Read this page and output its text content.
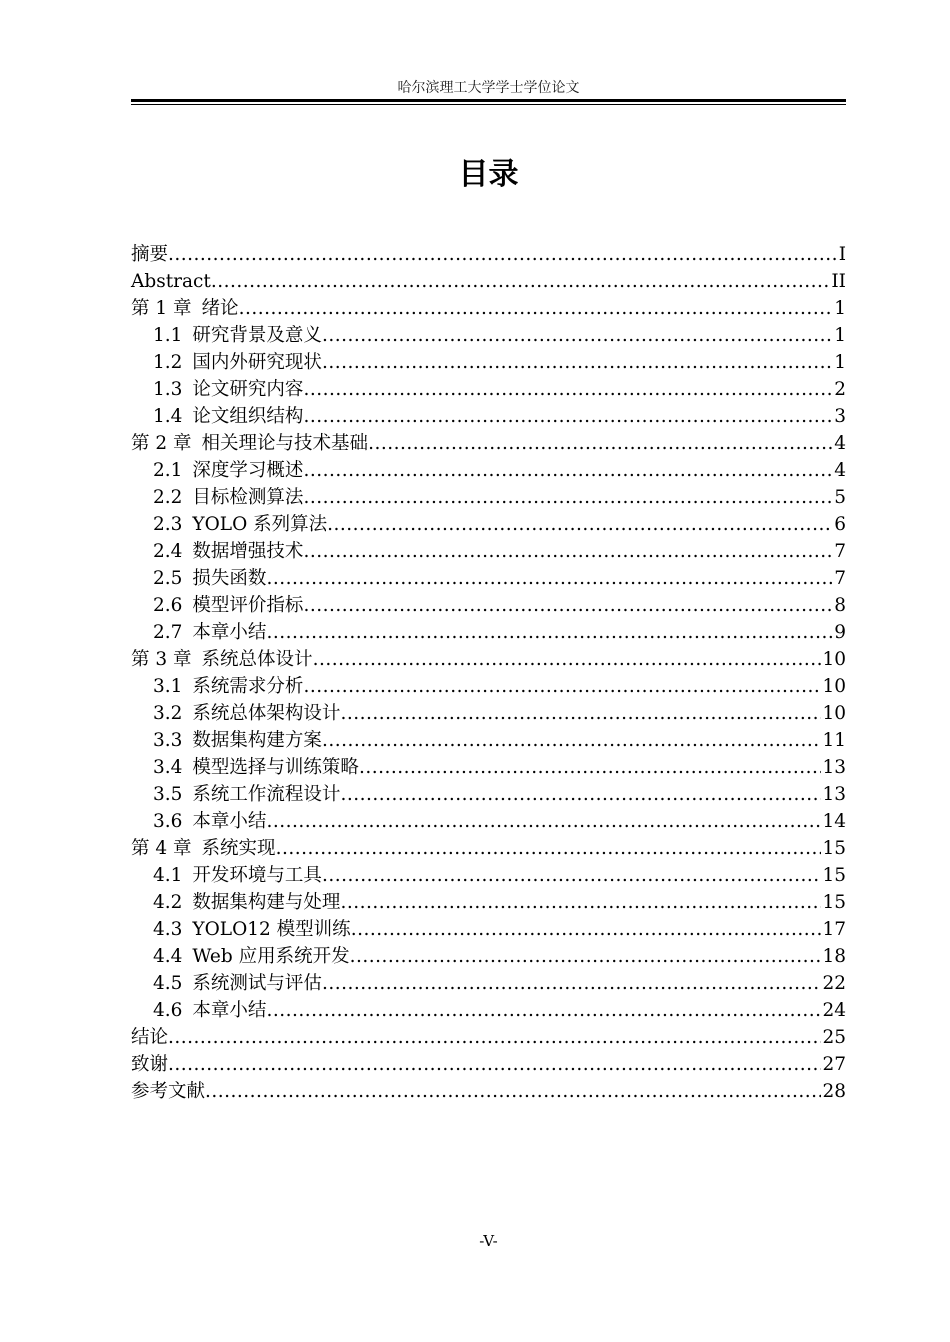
哈尔滨理工大学学士学位论文
目录
摘要 .....	I
Abstract .....	II
第 1 章 绪论 .....	1
1.1 研究背景及意义 .....	1
1.2 国内外研究现状 .....	1
1.3 论文研究内容 .....	2
1.4 论文组织结构 .....	3
第 2 章 相关理论与技术基础 .....	4
2.1 深度学习概述 .....	4
2.2 目标检测算法 .....	5
2.3 YOLO 系列算法 .....	6
2.4 数据增强技术 .....	7
2.5 损失函数 .....	7
2.6 模型评价指标 .....	8
2.7 本章小结 .....	9
第 3 章 系统总体设计 .....	10
3.1 系统需求分析 .....	10
3.2 系统总体架构设计 .....	10
3.3 数据集构建方案 .....	11
3.4 模型选择与训练策略 .....	13
3.5 系统工作流程设计 .....	13
3.6 本章小结 .....	14
第 4 章 系统实现 .....	15
4.1 开发环境与工具 .....	15
4.2 数据集构建与处理 .....	15
4.3 YOLO12 模型训练 .....	17
4.4 Web 应用系统开发 .....	18
4.5 系统测试与评估 .....	22
4.6 本章小结 .....	24
结论 .....	25
致谢 .....	27
参考文献 .....	28
-V-
